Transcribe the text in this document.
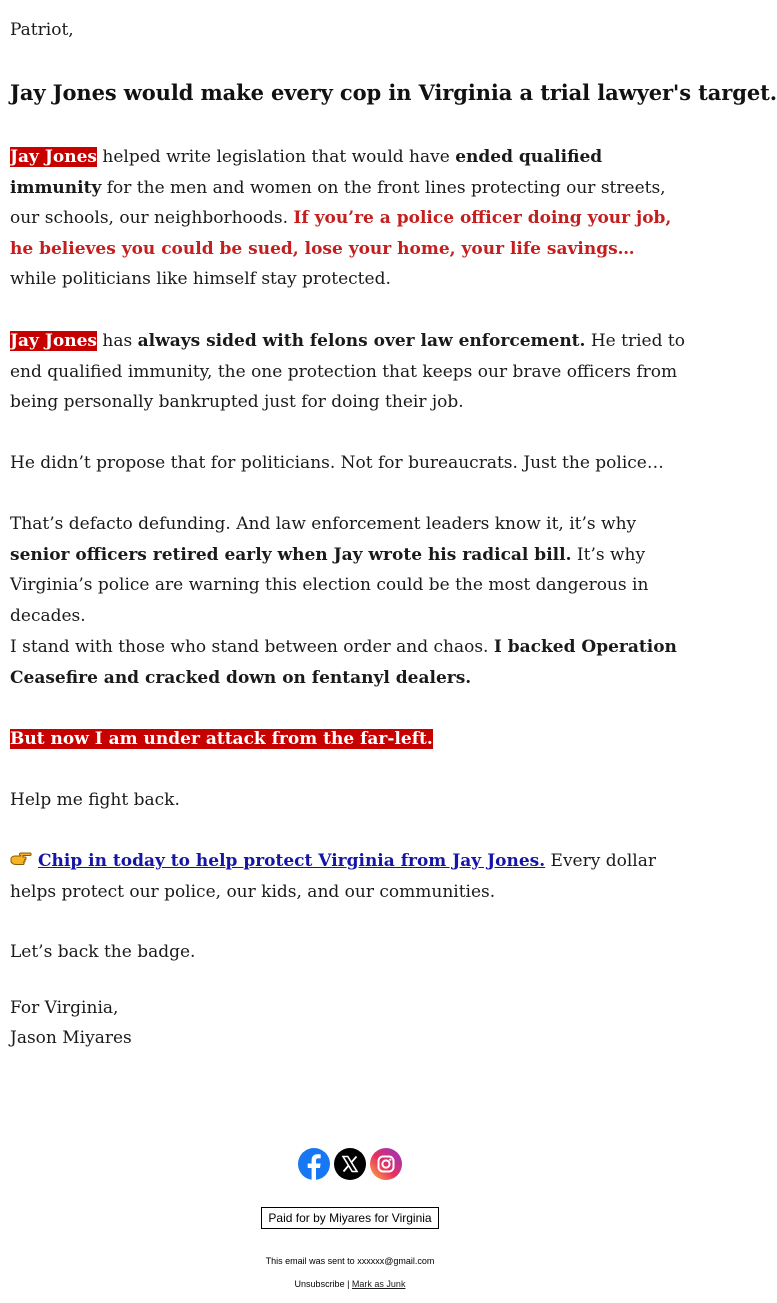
Patriot,
Jay Jones would make every cop in Virginia a trial lawyer's target.
Jay Jones helped write legislation that would have ended qualified immunity for the men and women on the front lines protecting our streets, our schools, our neighborhoods. If you’re a police officer doing your job, he believes you could be sued, lose your home, your life savings… while politicians like himself stay protected.
Jay Jones has always sided with felons over law enforcement. He tried to end qualified immunity, the one protection that keeps our brave officers from being personally bankrupted just for doing their job.
He didn’t propose that for politicians. Not for bureaucrats. Just the police…
That’s defacto defunding. And law enforcement leaders know it, it’s why senior officers retired early when Jay wrote his radical bill. It’s why Virginia’s police are warning this election could be the most dangerous in decades.
I stand with those who stand between order and chaos. I backed Operation Ceasefire and cracked down on fentanyl dealers.
But now I am under attack from the far-left.
Help me fight back.
Chip in today to help protect Virginia from Jay Jones. Every dollar helps protect our police, our kids, and our communities.
Let’s back the badge.
For Virginia,
Jason Miyares
Paid for by Miyares for Virginia
This email was sent to xxxxxx@gmail.com
Unsubscribe | Mark as Junk
